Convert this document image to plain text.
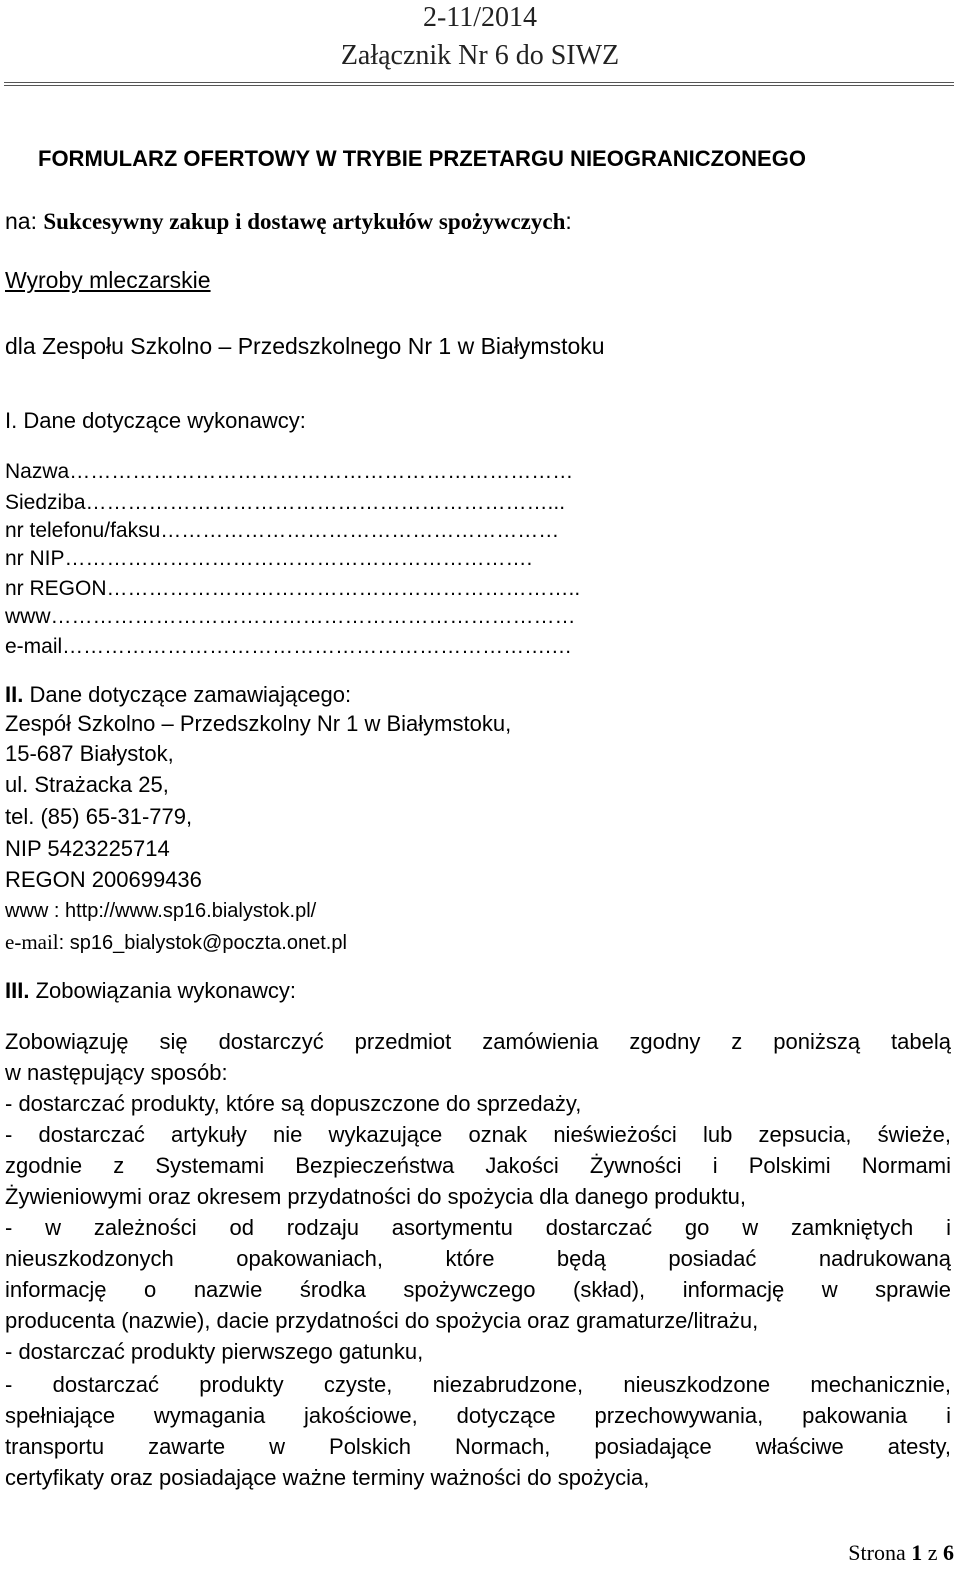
2-11/2014
Załącznik Nr 6 do SIWZ
FORMULARZ OFERTOWY W TRYBIE PRZETARGU NIEOGRANICZONEGO
na: Sukcesywny zakup i dostawę artykułów spożywczych:
Wyroby mleczarskie
dla Zespołu Szkolno – Przedszkolnego Nr 1 w Białymstoku
I. Dane dotyczące wykonawcy:
Nazwa………………………………………………………………
Siedziba…………………………………………………………...
nr telefonu/faksu…………………………………………………
nr NIP………………………………………………………….
nr REGON…………………………………………………………..
www…………………………………………………………………
e-mail…………………………………………………………….…
II. Dane dotyczące zamawiającego:
Zespół Szkolno – Przedszkolny Nr 1 w Białymstoku,
15-687 Białystok,
ul. Strażacka 25,
tel. (85) 65-31-779,
NIP 5423225714
REGON 200699436
www : http://www.sp16.bialystok.pl/
e-mail: sp16_bialystok@poczta.onet.pl
III. Zobowiązania wykonawcy:
Zobowiązuję się dostarczyć przedmiot zamówienia zgodny z poniższą tabelą
w następujący sposób:
- dostarczać produkty, które są dopuszczone do sprzedaży,
- dostarczać artykuły nie wykazujące oznak nieświeżości lub zepsucia, świeże,
zgodnie z Systemami Bezpieczeństwa Jakości Żywności i Polskimi Normami
Żywieniowymi oraz okresem przydatności do spożycia dla danego produktu,
- w zależności od rodzaju asortymentu dostarczać go w zamkniętych i
nieuszkodzonych opakowaniach, które będą posiadać nadrukowaną
informację o nazwie środka spożywczego (skład), informację w sprawie
producenta (nazwie), dacie przydatności do spożycia oraz gramaturze/litrażu,
- dostarczać produkty pierwszego gatunku,
- dostarczać produkty czyste, niezabrudzone, nieuszkodzone mechanicznie,
spełniające wymagania jakościowe, dotyczące przechowywania, pakowania i
transportu zawarte w Polskich Normach, posiadające właściwe atesty,
certyfikaty oraz posiadające ważne terminy ważności do spożycia,
Strona 1 z 6
